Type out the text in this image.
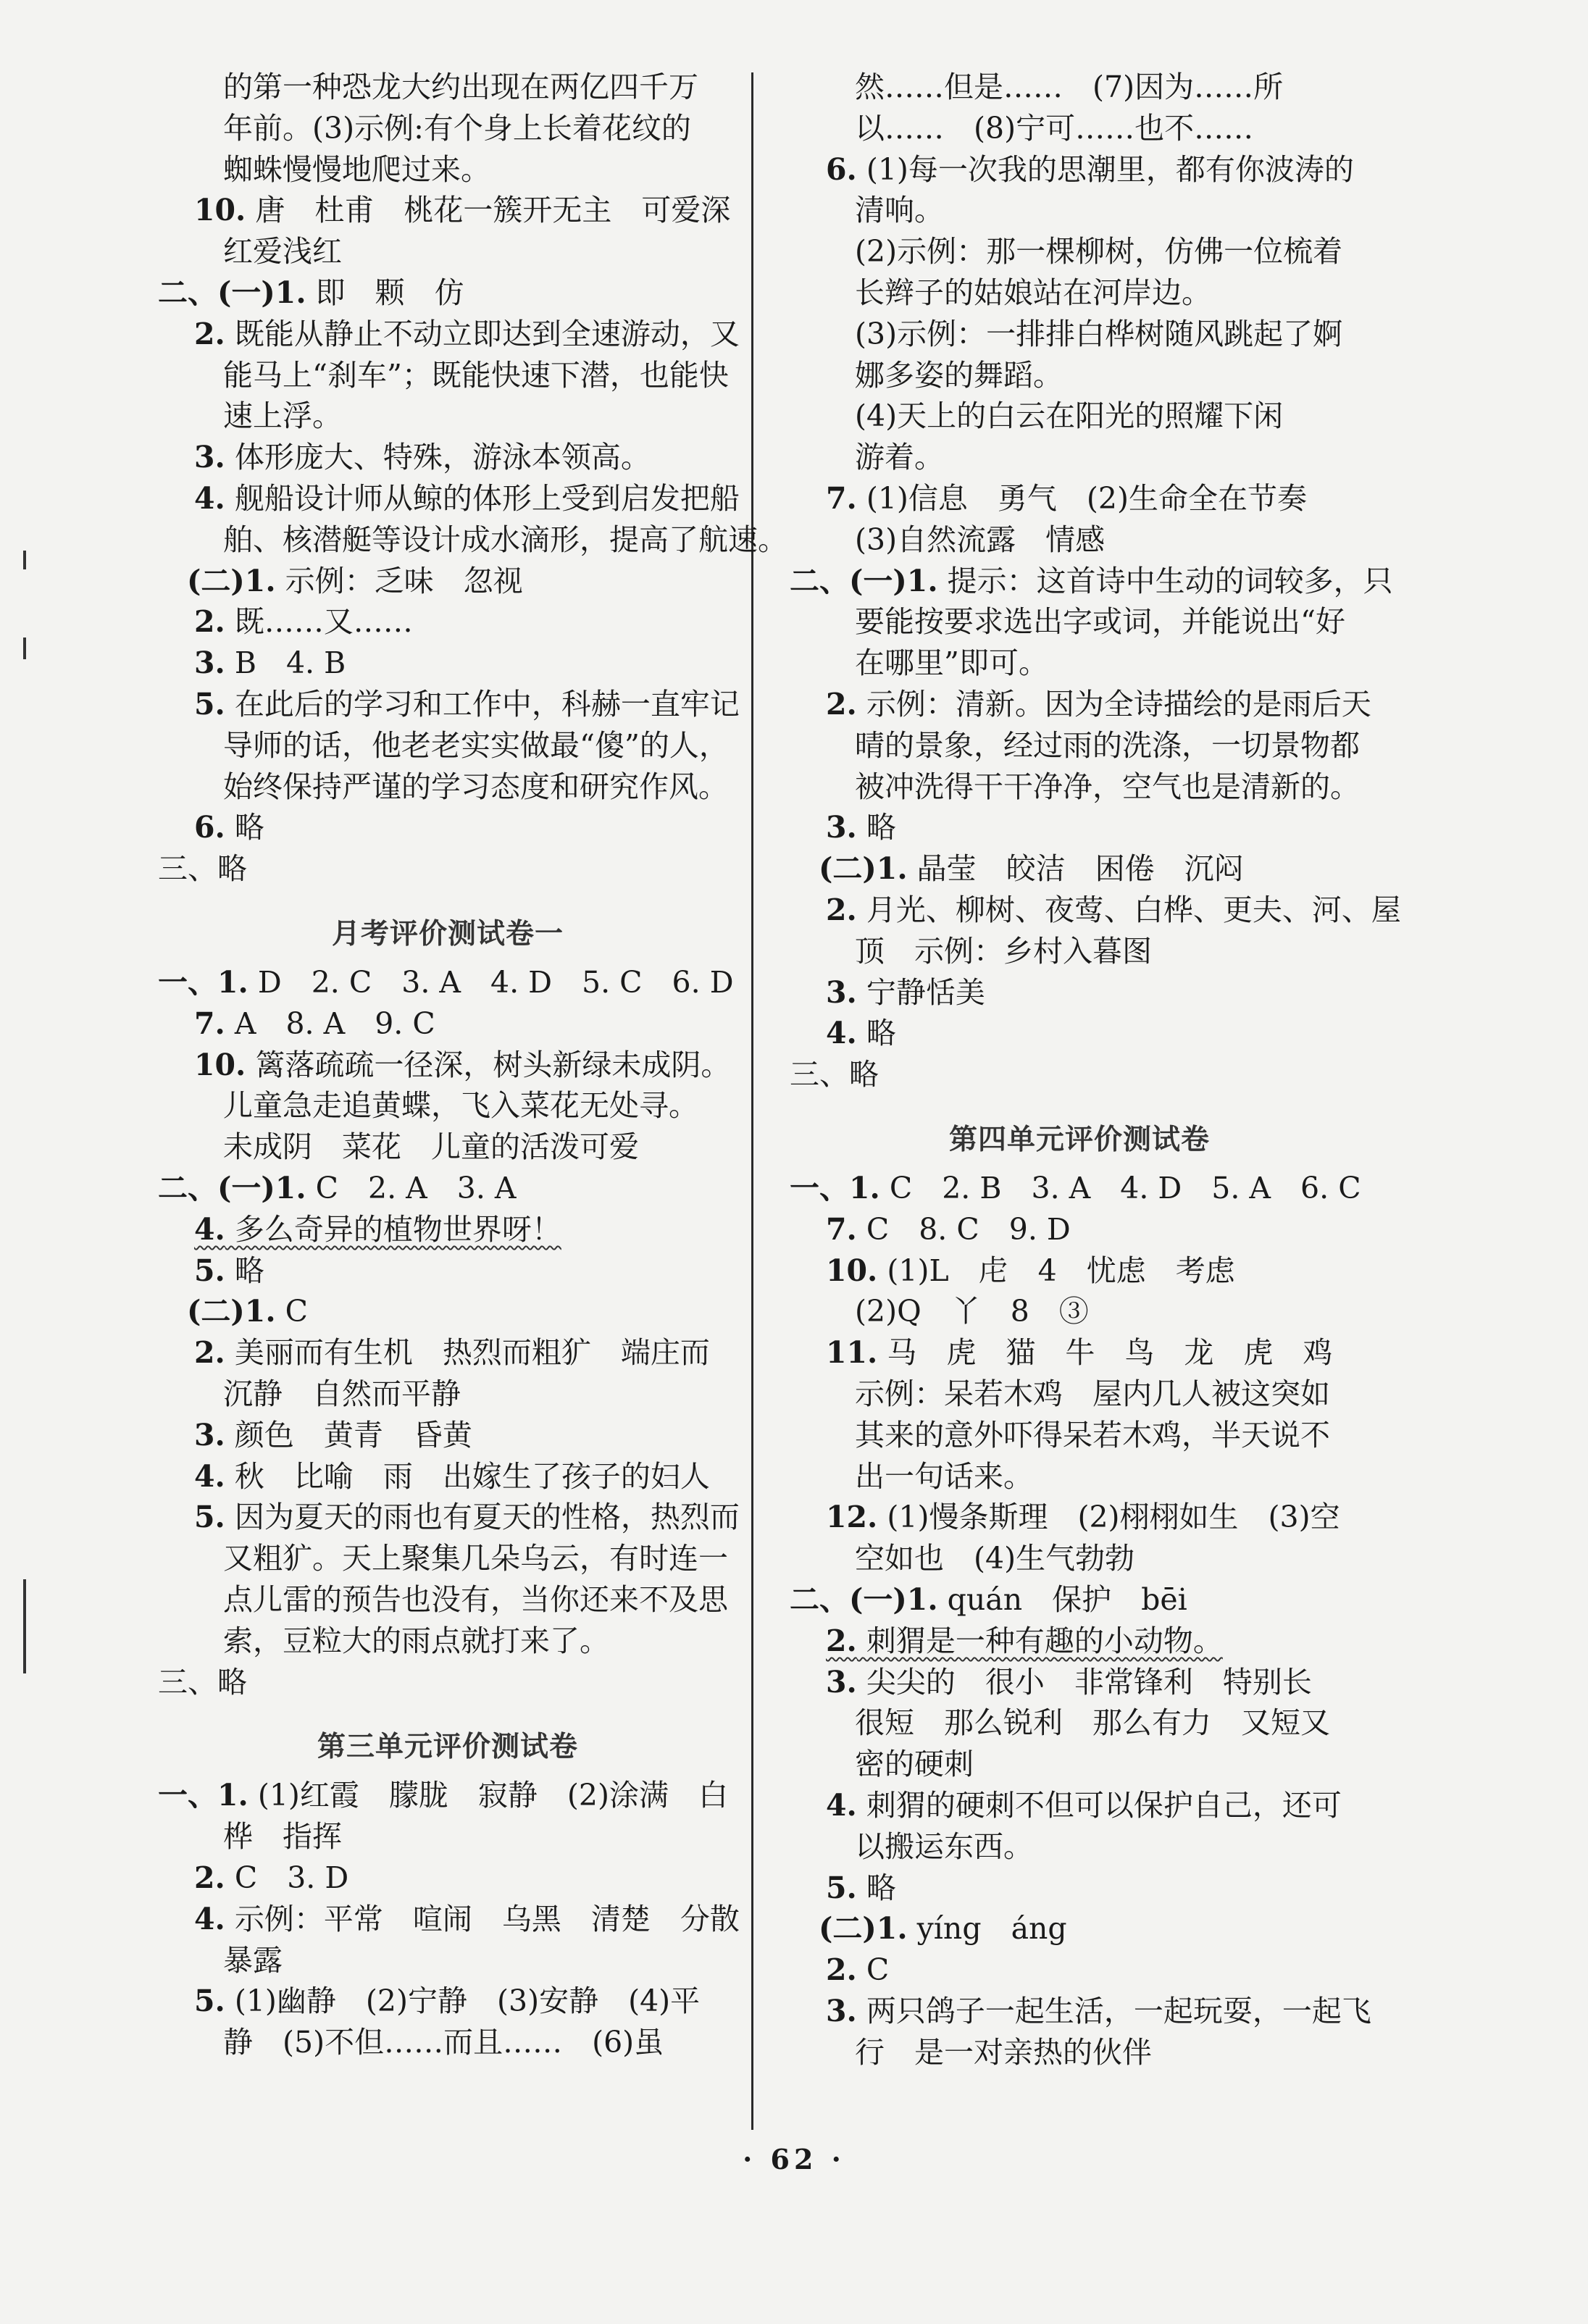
的第一种恐龙大约出现在两亿四千万
年前。(3)示例:有个身上长着花纹的
蜘蛛慢慢地爬过来。
10. 唐　杜甫　桃花一簇开无主　可爱深
红爱浅红
二、(一)1. 即　颗　仿
2. 既能从静止不动立即达到全速游动，又
能马上“刹车”；既能快速下潜，也能快
速上浮。
3. 体形庞大、特殊，游泳本领高。
4. 舰船设计师从鲸的体形上受到启发把船
舶、核潜艇等设计成水滴形，提高了航速。
(二)1. 示例：乏味　忽视
2. 既……又……
3. B　4. B
5. 在此后的学习和工作中，科赫一直牢记
导师的话，他老老实实做最“傻”的人，
始终保持严谨的学习态度和研究作风。
6. 略
三、略
月考评价测试卷一
一、1. D　2. C　3. A　4. D　5. C　6. D
7. A　8. A　9. C
10. 篱落疏疏一径深，树头新绿未成阴。
儿童急走追黄蝶，飞入菜花无处寻。
未成阴　菜花　儿童的活泼可爱
二、(一)1. C　2. A　3. A
4. 多么奇异的植物世界呀！
5. 略
(二)1. C
2. 美丽而有生机　热烈而粗犷　端庄而
沉静　自然而平静
3. 颜色　黄青　昏黄
4. 秋　比喻　雨　出嫁生了孩子的妇人
5. 因为夏天的雨也有夏天的性格，热烈而
又粗犷。天上聚集几朵乌云，有时连一
点儿雷的预告也没有，当你还来不及思
索，豆粒大的雨点就打来了。
三、略
第三单元评价测试卷
一、1. (1)红霞　朦胧　寂静　(2)涂满　白
桦　指挥
2. C　3. D
4. 示例：平常　喧闹　乌黑　清楚　分散
暴露
5. (1)幽静　(2)宁静　(3)安静　(4)平
静　(5)不但……而且……　(6)虽
然……但是……　(7)因为……所
以……　(8)宁可……也不……
6. (1)每一次我的思潮里，都有你波涛的
清响。
(2)示例：那一棵柳树，仿佛一位梳着
长辫子的姑娘站在河岸边。
(3)示例：一排排白桦树随风跳起了婀
娜多姿的舞蹈。
(4)天上的白云在阳光的照耀下闲
游着。
7. (1)信息　勇气　(2)生命全在节奏
(3)自然流露　情感
二、(一)1. 提示：这首诗中生动的词较多，只
要能按要求选出字或词，并能说出“好
在哪里”即可。
2. 示例：清新。因为全诗描绘的是雨后天
晴的景象，经过雨的洗涤，一切景物都
被冲洗得干干净净，空气也是清新的。
3. 略
(二)1. 晶莹　皎洁　困倦　沉闷
2. 月光、柳树、夜莺、白桦、更夫、河、屋
顶　示例：乡村入暮图
3. 宁静恬美
4. 略
三、略
第四单元评价测试卷
一、1. C　2. B　3. A　4. D　5. A　6. C
7. C　8. C　9. D
10. (1)L　虍　4　忧虑　考虑
(2)Q　丫　8　③
11. 马　虎　猫　牛　鸟　龙　虎　鸡
示例：呆若木鸡　屋内几人被这突如
其来的意外吓得呆若木鸡，半天说不
出一句话来。
12. (1)慢条斯理　(2)栩栩如生　(3)空
空如也　(4)生气勃勃
二、(一)1. quán　保护　bēi
2. 刺猬是一种有趣的小动物。
3. 尖尖的　很小　非常锋利　特别长
很短　那么锐利　那么有力　又短又
密的硬刺
4. 刺猬的硬刺不但可以保护自己，还可
以搬运东西。
5. 略
(二)1. yíng　áng
2. C
3. 两只鸽子一起生活，一起玩耍，一起飞
行　是一对亲热的伙伴
· 62 ·
